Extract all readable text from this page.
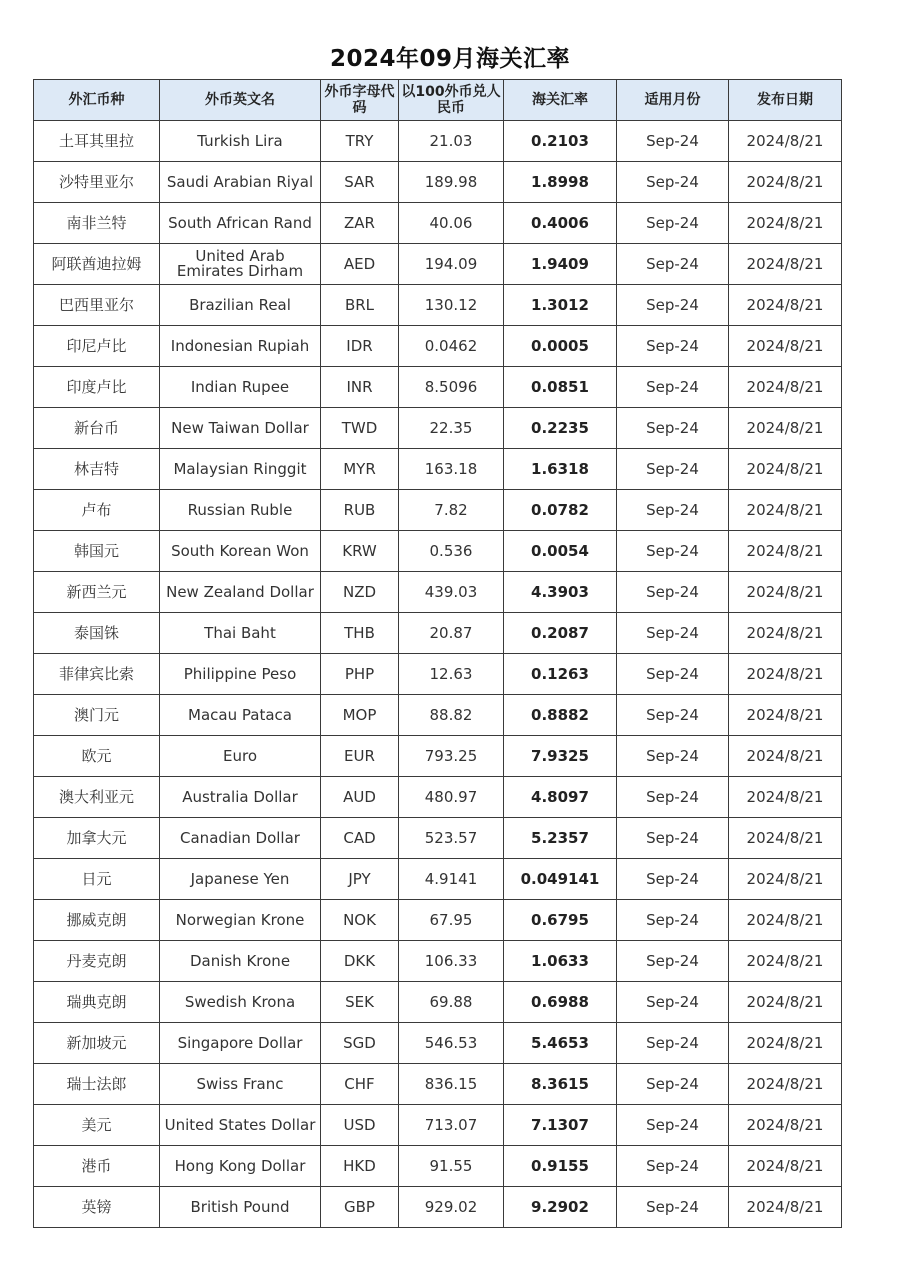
2024年09月海关汇率
外汇币种	外币英文名	外币字母代码	以100外币兑人民币	海关汇率	适用月份	发布日期
土耳其里拉	Turkish Lira	TRY	21.03	0.2103	Sep-24	2024/8/21
沙特里亚尔	Saudi Arabian Riyal	SAR	189.98	1.8998	Sep-24	2024/8/21
南非兰特	South African Rand	ZAR	40.06	0.4006	Sep-24	2024/8/21
阿联酋迪拉姆	United Arab Emirates Dirham	AED	194.09	1.9409	Sep-24	2024/8/21
巴西里亚尔	Brazilian Real	BRL	130.12	1.3012	Sep-24	2024/8/21
印尼卢比	Indonesian Rupiah	IDR	0.0462	0.0005	Sep-24	2024/8/21
印度卢比	Indian Rupee	INR	8.5096	0.0851	Sep-24	2024/8/21
新台币	New Taiwan Dollar	TWD	22.35	0.2235	Sep-24	2024/8/21
林吉特	Malaysian Ringgit	MYR	163.18	1.6318	Sep-24	2024/8/21
卢布	Russian Ruble	RUB	7.82	0.0782	Sep-24	2024/8/21
韩国元	South Korean Won	KRW	0.536	0.0054	Sep-24	2024/8/21
新西兰元	New Zealand Dollar	NZD	439.03	4.3903	Sep-24	2024/8/21
泰国铢	Thai Baht	THB	20.87	0.2087	Sep-24	2024/8/21
菲律宾比索	Philippine Peso	PHP	12.63	0.1263	Sep-24	2024/8/21
澳门元	Macau Pataca	MOP	88.82	0.8882	Sep-24	2024/8/21
欧元	Euro	EUR	793.25	7.9325	Sep-24	2024/8/21
澳大利亚元	Australia Dollar	AUD	480.97	4.8097	Sep-24	2024/8/21
加拿大元	Canadian Dollar	CAD	523.57	5.2357	Sep-24	2024/8/21
日元	Japanese Yen	JPY	4.9141	0.049141	Sep-24	2024/8/21
挪威克朗	Norwegian Krone	NOK	67.95	0.6795	Sep-24	2024/8/21
丹麦克朗	Danish Krone	DKK	106.33	1.0633	Sep-24	2024/8/21
瑞典克朗	Swedish Krona	SEK	69.88	0.6988	Sep-24	2024/8/21
新加坡元	Singapore Dollar	SGD	546.53	5.4653	Sep-24	2024/8/21
瑞士法郎	Swiss Franc	CHF	836.15	8.3615	Sep-24	2024/8/21
美元	United States Dollar	USD	713.07	7.1307	Sep-24	2024/8/21
港币	Hong Kong Dollar	HKD	91.55	0.9155	Sep-24	2024/8/21
英镑	British Pound	GBP	929.02	9.2902	Sep-24	2024/8/21
